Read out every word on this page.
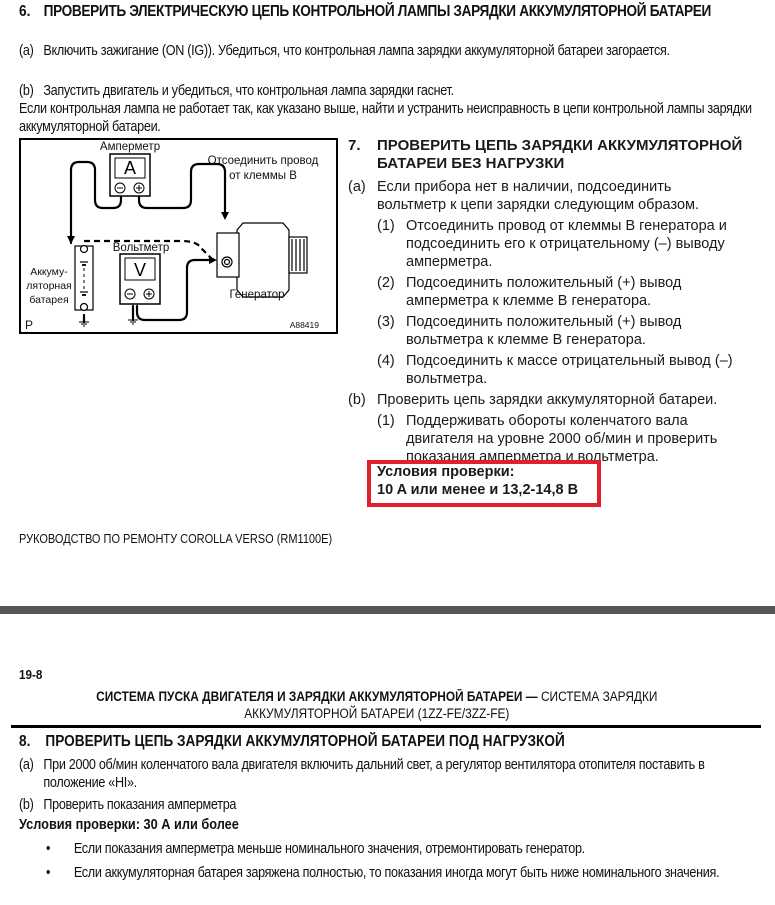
6. ПРОВЕРИТЬ ЭЛЕКТРИЧЕСКУЮ ЦЕПЬ КОНТРОЛЬНОЙ ЛАМПЫ ЗАРЯДКИ АККУМУЛЯТОРНОЙ БАТАРЕИ
(a) Включить зажигание (ON (IG)). Убедиться, что контрольная лампа зарядки аккумуляторной батареи загорается.
(b) Запустить двигатель и убедиться, что контрольная лампа зарядки гаснет.
Если контрольная лампа не работает так, как указано выше, найти и устранить неисправность в цепи контрольной лампы зарядки аккумуляторной батареи.
A
V
Амперметр
Отсоединить провод
от клеммы B
Вольтметр
Аккуму-
ляторная
батарея	Генератор
P	A88419
7. ПРОВЕРИТЬ ЦЕПЬ ЗАРЯДКИ АККУМУЛЯТОРНОЙ
БАТАРЕИ БЕЗ НАГРУЗКИ
(a) Если прибора нет в наличии, подсоединить вольтметр к цепи зарядки следующим образом.
(1) Отсоединить провод от клеммы B генератора и подсоединить его к отрицательному (–) выводу амперметра.
(2) Подсоединить положительный (+) вывод амперметра к клемме B генератора.
(3) Подсоединить положительный (+) вывод вольтметра к клемме B генератора.
(4) Подсоединить к массе отрицательный вывод (–) вольтметра.
(b) Проверить цепь зарядки аккумуляторной батареи.
(1) Поддерживать обороты коленчатого вала двигателя на уровне 2000 об/мин и проверить показания амперметра и вольтметра.
Условия проверки:
10 A или менее и 13,2-14,8 В
РУКОВОДСТВО ПО РЕМОНТУ COROLLA VERSO (RM1100E)
19-8
СИСТЕМА ПУСКА ДВИГАТЕЛЯ И ЗАРЯДКИ АККУМУЛЯТОРНОЙ БАТАРЕИ — СИСТЕМА ЗАРЯДКИ
АККУМУЛЯТОРНОЙ БАТАРЕИ (1ZZ-FE/3ZZ-FE)
8. ПРОВЕРИТЬ ЦЕПЬ ЗАРЯДКИ АККУМУЛЯТОРНОЙ БАТАРЕИ ПОД НАГРУЗКОЙ
(a) При 2000 об/мин коленчатого вала двигателя включить дальний свет, а регулятор вентилятора отопителя поставить в положение «HI».
(b) Проверить показания амперметра
Условия проверки: 30 А или более
• Если показания амперметра меньше номинального значения, отремонтировать генератор.
• Если аккумуляторная батарея заряжена полностью, то показания иногда могут быть ниже номинального значения.
